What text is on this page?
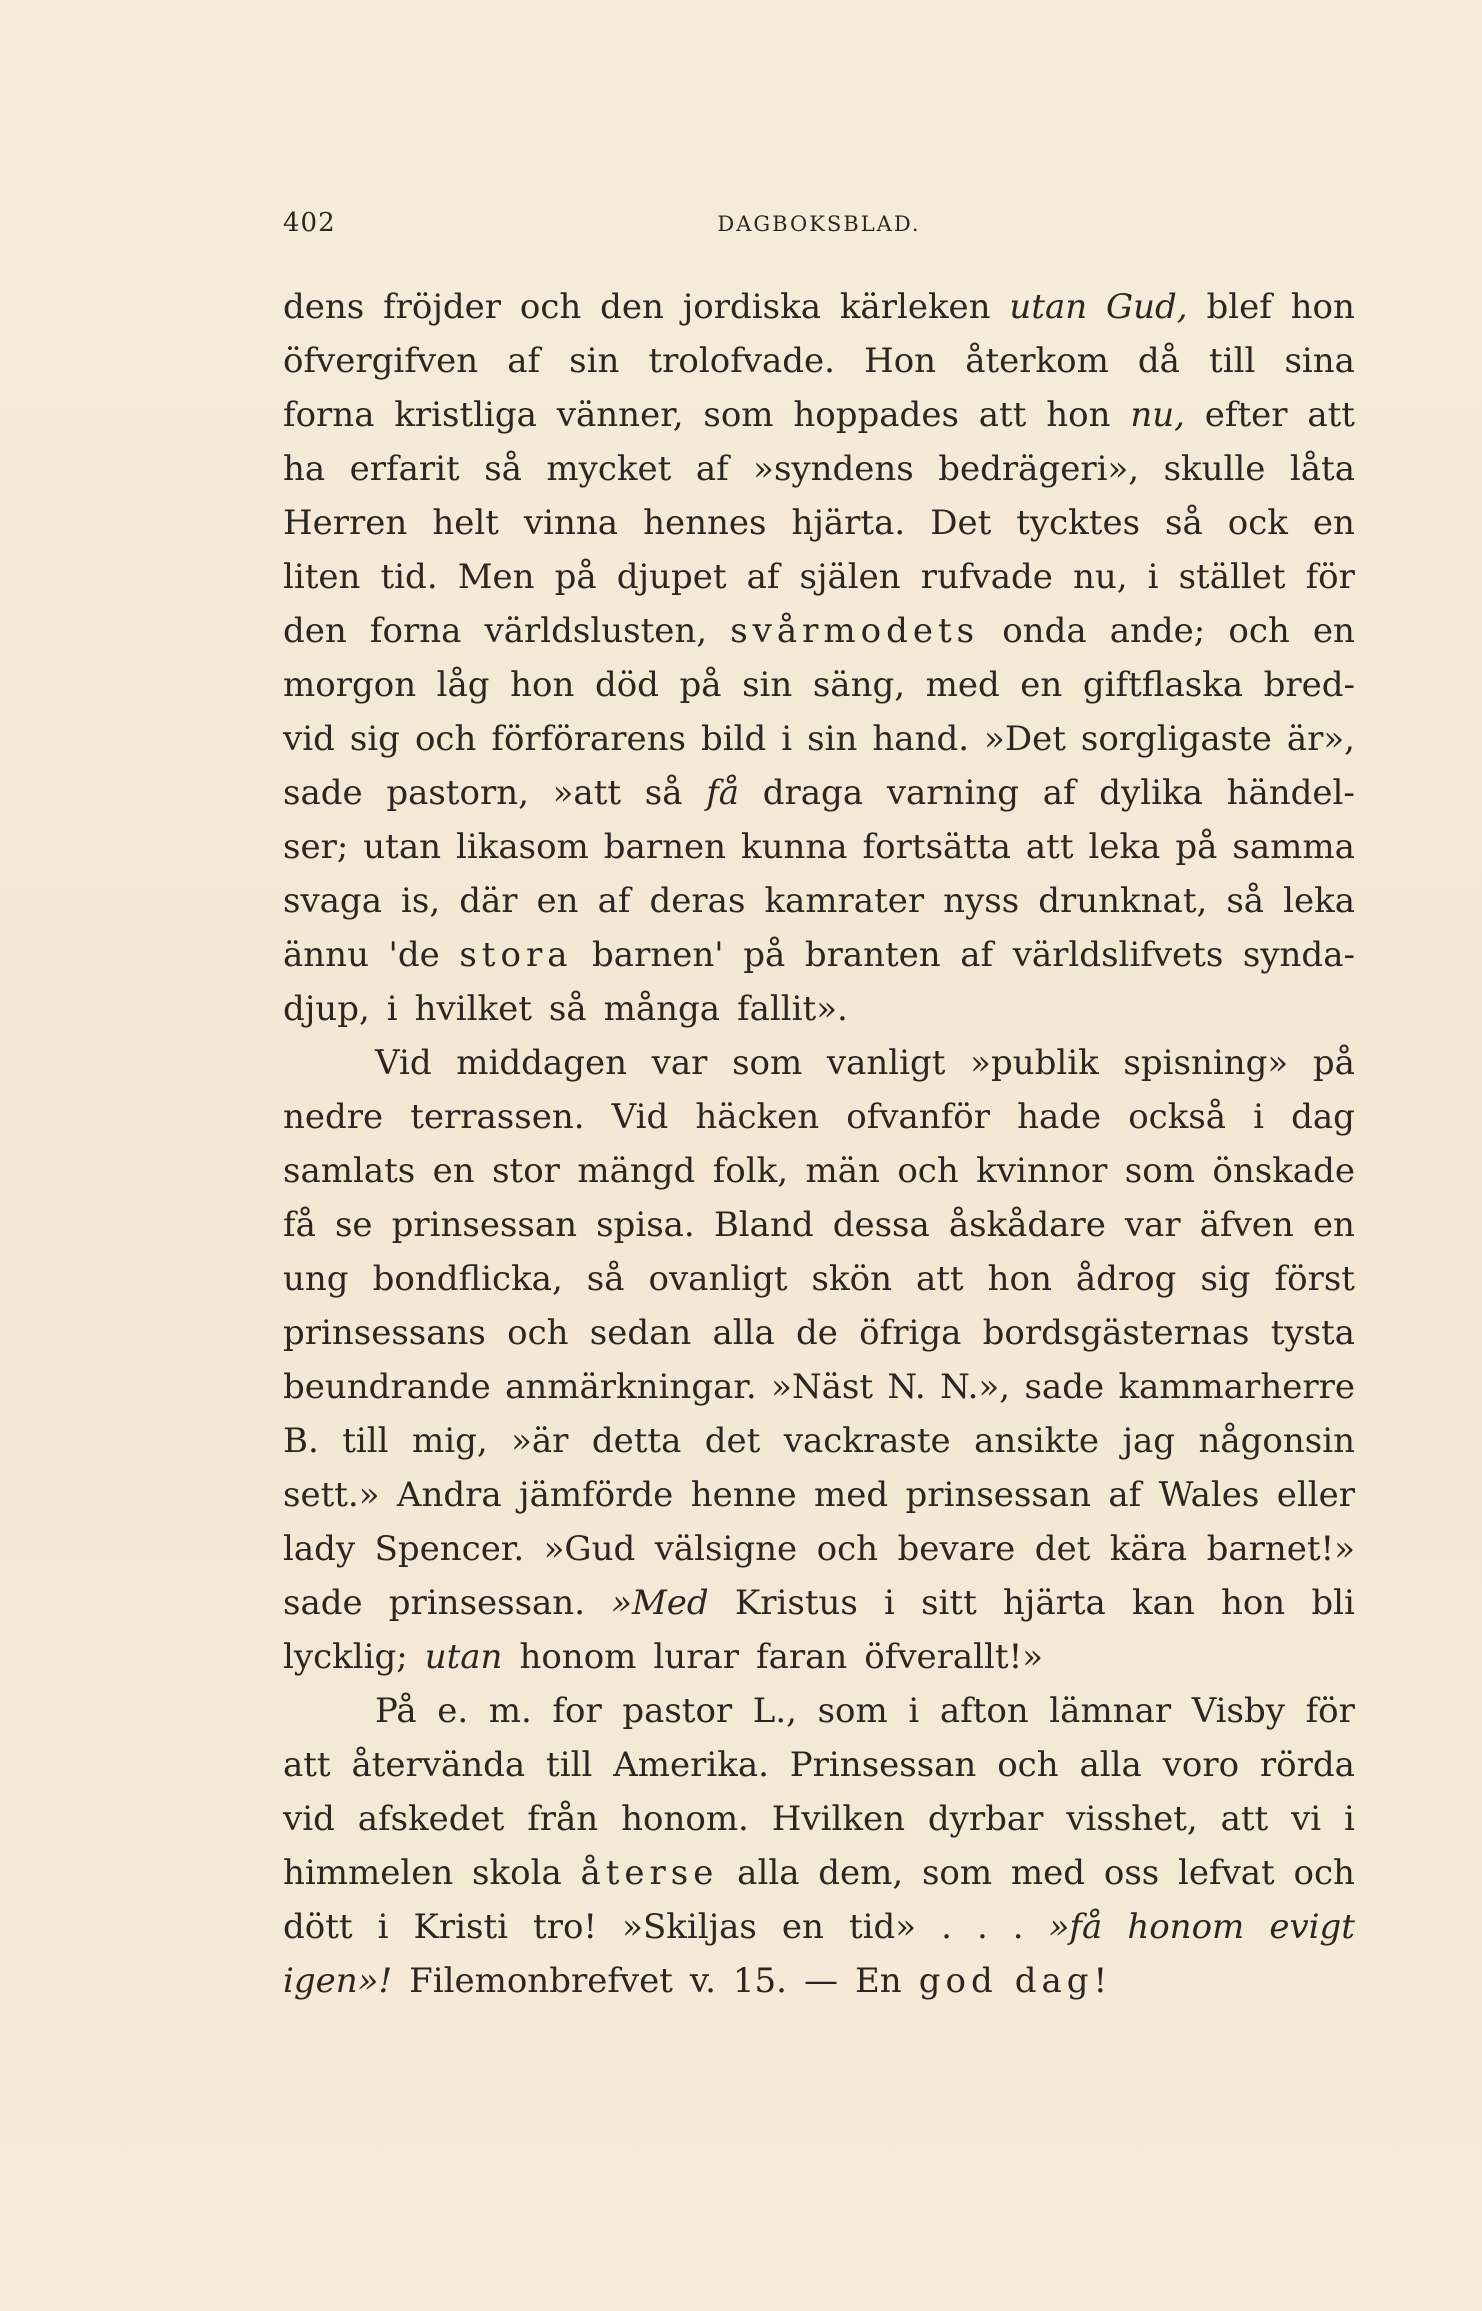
402	DAGBOKSBLAD.
dens fröjder och den jordiska kärleken utan Gud, blef hon
öfvergifven af sin trolofvade. Hon återkom då till sina
forna kristliga vänner, som hoppades att hon nu, efter att
ha erfarit så mycket af »syndens bedrägeri», skulle låta
Herren helt vinna hennes hjärta. Det tycktes så ock en
liten tid. Men på djupet af själen rufvade nu, i stället för
den forna världslusten, svårmodets onda ande; och en
morgon låg hon död på sin säng, med en giftflaska bred-
vid sig och förförarens bild i sin hand. »Det sorgligaste är»,
sade pastorn, »att så få draga varning af dylika händel-
ser; utan likasom barnen kunna fortsätta att leka på samma
svaga is, där en af deras kamrater nyss drunknat, så leka
ännu 'de stora barnen' på branten af världslifvets synda-
djup, i hvilket så många fallit».
Vid middagen var som vanligt »publik spisning» på
nedre terrassen. Vid häcken ofvanför hade också i dag
samlats en stor mängd folk, män och kvinnor som önskade
få se prinsessan spisa. Bland dessa åskådare var äfven en
ung bondflicka, så ovanligt skön att hon ådrog sig först
prinsessans och sedan alla de öfriga bordsgästernas tysta
beundrande anmärkningar. »Näst N. N.», sade kammarherre
B. till mig, »är detta det vackraste ansikte jag någonsin
sett.» Andra jämförde henne med prinsessan af Wales eller
lady Spencer. »Gud välsigne och bevare det kära barnet!»
sade prinsessan. »Med Kristus i sitt hjärta kan hon bli
lycklig; utan honom lurar faran öfverallt!»
På e. m. for pastor L., som i afton lämnar Visby för
att återvända till Amerika. Prinsessan och alla voro rörda
vid afskedet från honom. Hvilken dyrbar visshet, att vi i
himmelen skola återse alla dem, som med oss lefvat och
dött i Kristi tro! »Skiljas en tid» . . . »få honom evigt
igen»! Filemonbrefvet v. 15. — En god dag!
